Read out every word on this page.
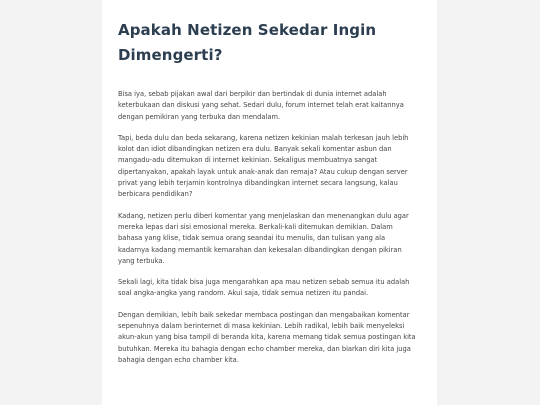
Apakah Netizen Sekedar Ingin Dimengerti?

Bisa iya, sebab pijakan awal dari berpikir dan bertindak di dunia internet adalah keterbukaan dan diskusi yang sehat. Sedari dulu, forum internet telah erat kaitannya dengan pemikiran yang terbuka dan mendalam.

Tapi, beda dulu dan beda sekarang, karena netizen kekinian malah terkesan jauh lebih kolot dan idiot dibandingkan netizen era dulu. Banyak sekali komentar asbun dan mangadu-adu ditemukan di internet kekinian. Sekaligus membuatnya sangat dipertanyakan, apakah layak untuk anak-anak dan remaja? Atau cukup dengan server privat yang lebih terjamin kontrolnya dibandingkan internet secara langsung, kalau berbicara pendidikan?

Kadang, netizen perlu diberi komentar yang menjelaskan dan menenangkan dulu agar mereka lepas dari sisi emosional mereka. Berkali-kali ditemukan demikian. Dalam bahasa yang klise, tidak semua orang seandai itu menulis, dan tulisan yang ala kadarnya kadang memantik kemarahan dan kekesalan dibandingkan dengan pikiran yang terbuka.

Sekali lagi, kita tidak bisa juga mengarahkan apa mau netizen sebab semua itu adalah soal angka-angka yang random. Akui saja, tidak semua netizen itu pandai.

Dengan demikian, lebih baik sekedar membaca postingan dan mengabaikan komentar sepenuhnya dalam berinternet di masa kekinian. Lebih radikal, lebih baik menyeleksi akun-akun yang bisa tampil di beranda kita, karena memang tidak semua postingan kita butuhkan. Mereka itu bahagia dengan echo chamber mereka, dan biarkan diri kita juga bahagia dengan echo chamber kita.
